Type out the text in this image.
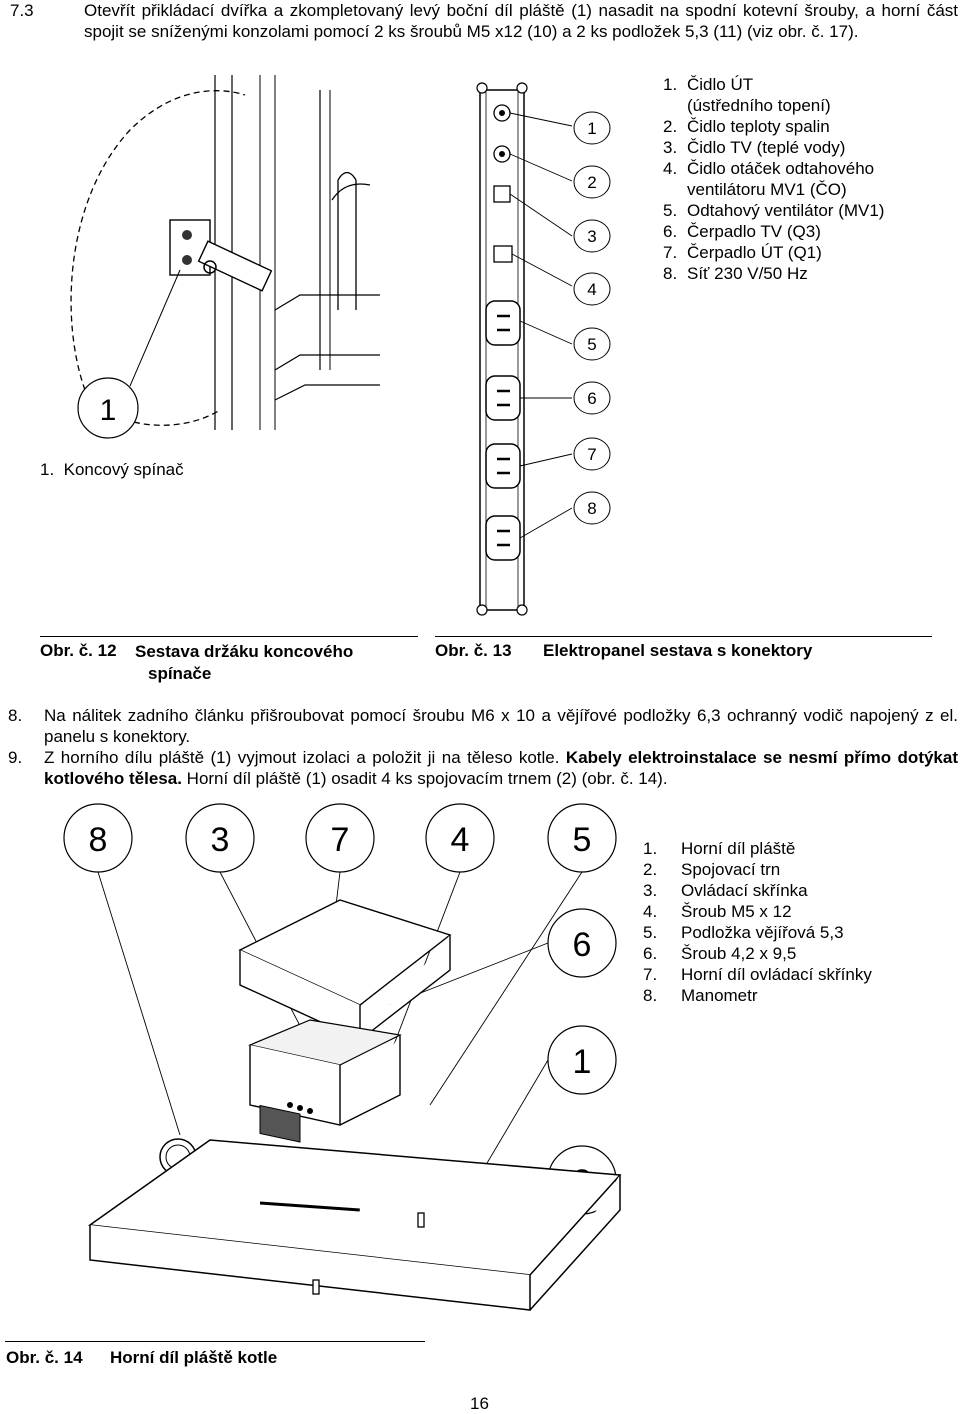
7.3	Otevřít přikládací dvířka a zkompletovaný levý boční díl pláště (1) nasadit na spodní kotevní šrouby, a horní část spojit se sníženými konzolami pomocí 2 ks šroubů M5 x12 (10) a 2 ks podložek 5,3 (11) (viz obr. č. 17).
1
1.  Koncový spínač
1
2
3
4
5
6
7
8
1. Čidlo ÚT
(ústředního topení)
2. Čidlo teploty spalin
3. Čidlo TV (teplé vody)
4. Čidlo otáček odtahového
ventilátoru MV1 (ČO)
5. Odtahový ventilátor (MV1)
6. Čerpadlo TV (Q3)
7. Čerpadlo ÚT (Q1)
8. Síť 230 V/50 Hz
Obr. č. 12 Sestava držáku koncového
spínače
Obr. č. 13 Elektropanel sestava s konektory
8. Na nálitek zadního článku přišroubovat pomocí šroubu M6 x 10 a vějířové podložky 6,3 ochranný vodič napojený z el. panelu s konektory.
9. Z horního dílu pláště (1) vyjmout izolaci a položit ji na těleso kotle. Kabely elektroinstalace se nesmí přímo dotýkat kotlového tělesa. Horní díl pláště (1) osadit 4 ks spojovacím trnem (2) (obr. č. 14).
8	3	7	4	5
6
1
1. Horní díl pláště
2. Spojovací trn
3. Ovládací skřínka
4. Šroub M5 x 12
5. Podložka vějířová 5,3
6. Šroub 4,2 x 9,5
7. Horní díl ovládací skřínky
8. Manometr
Obr. č. 14 Horní díl pláště kotle
16
